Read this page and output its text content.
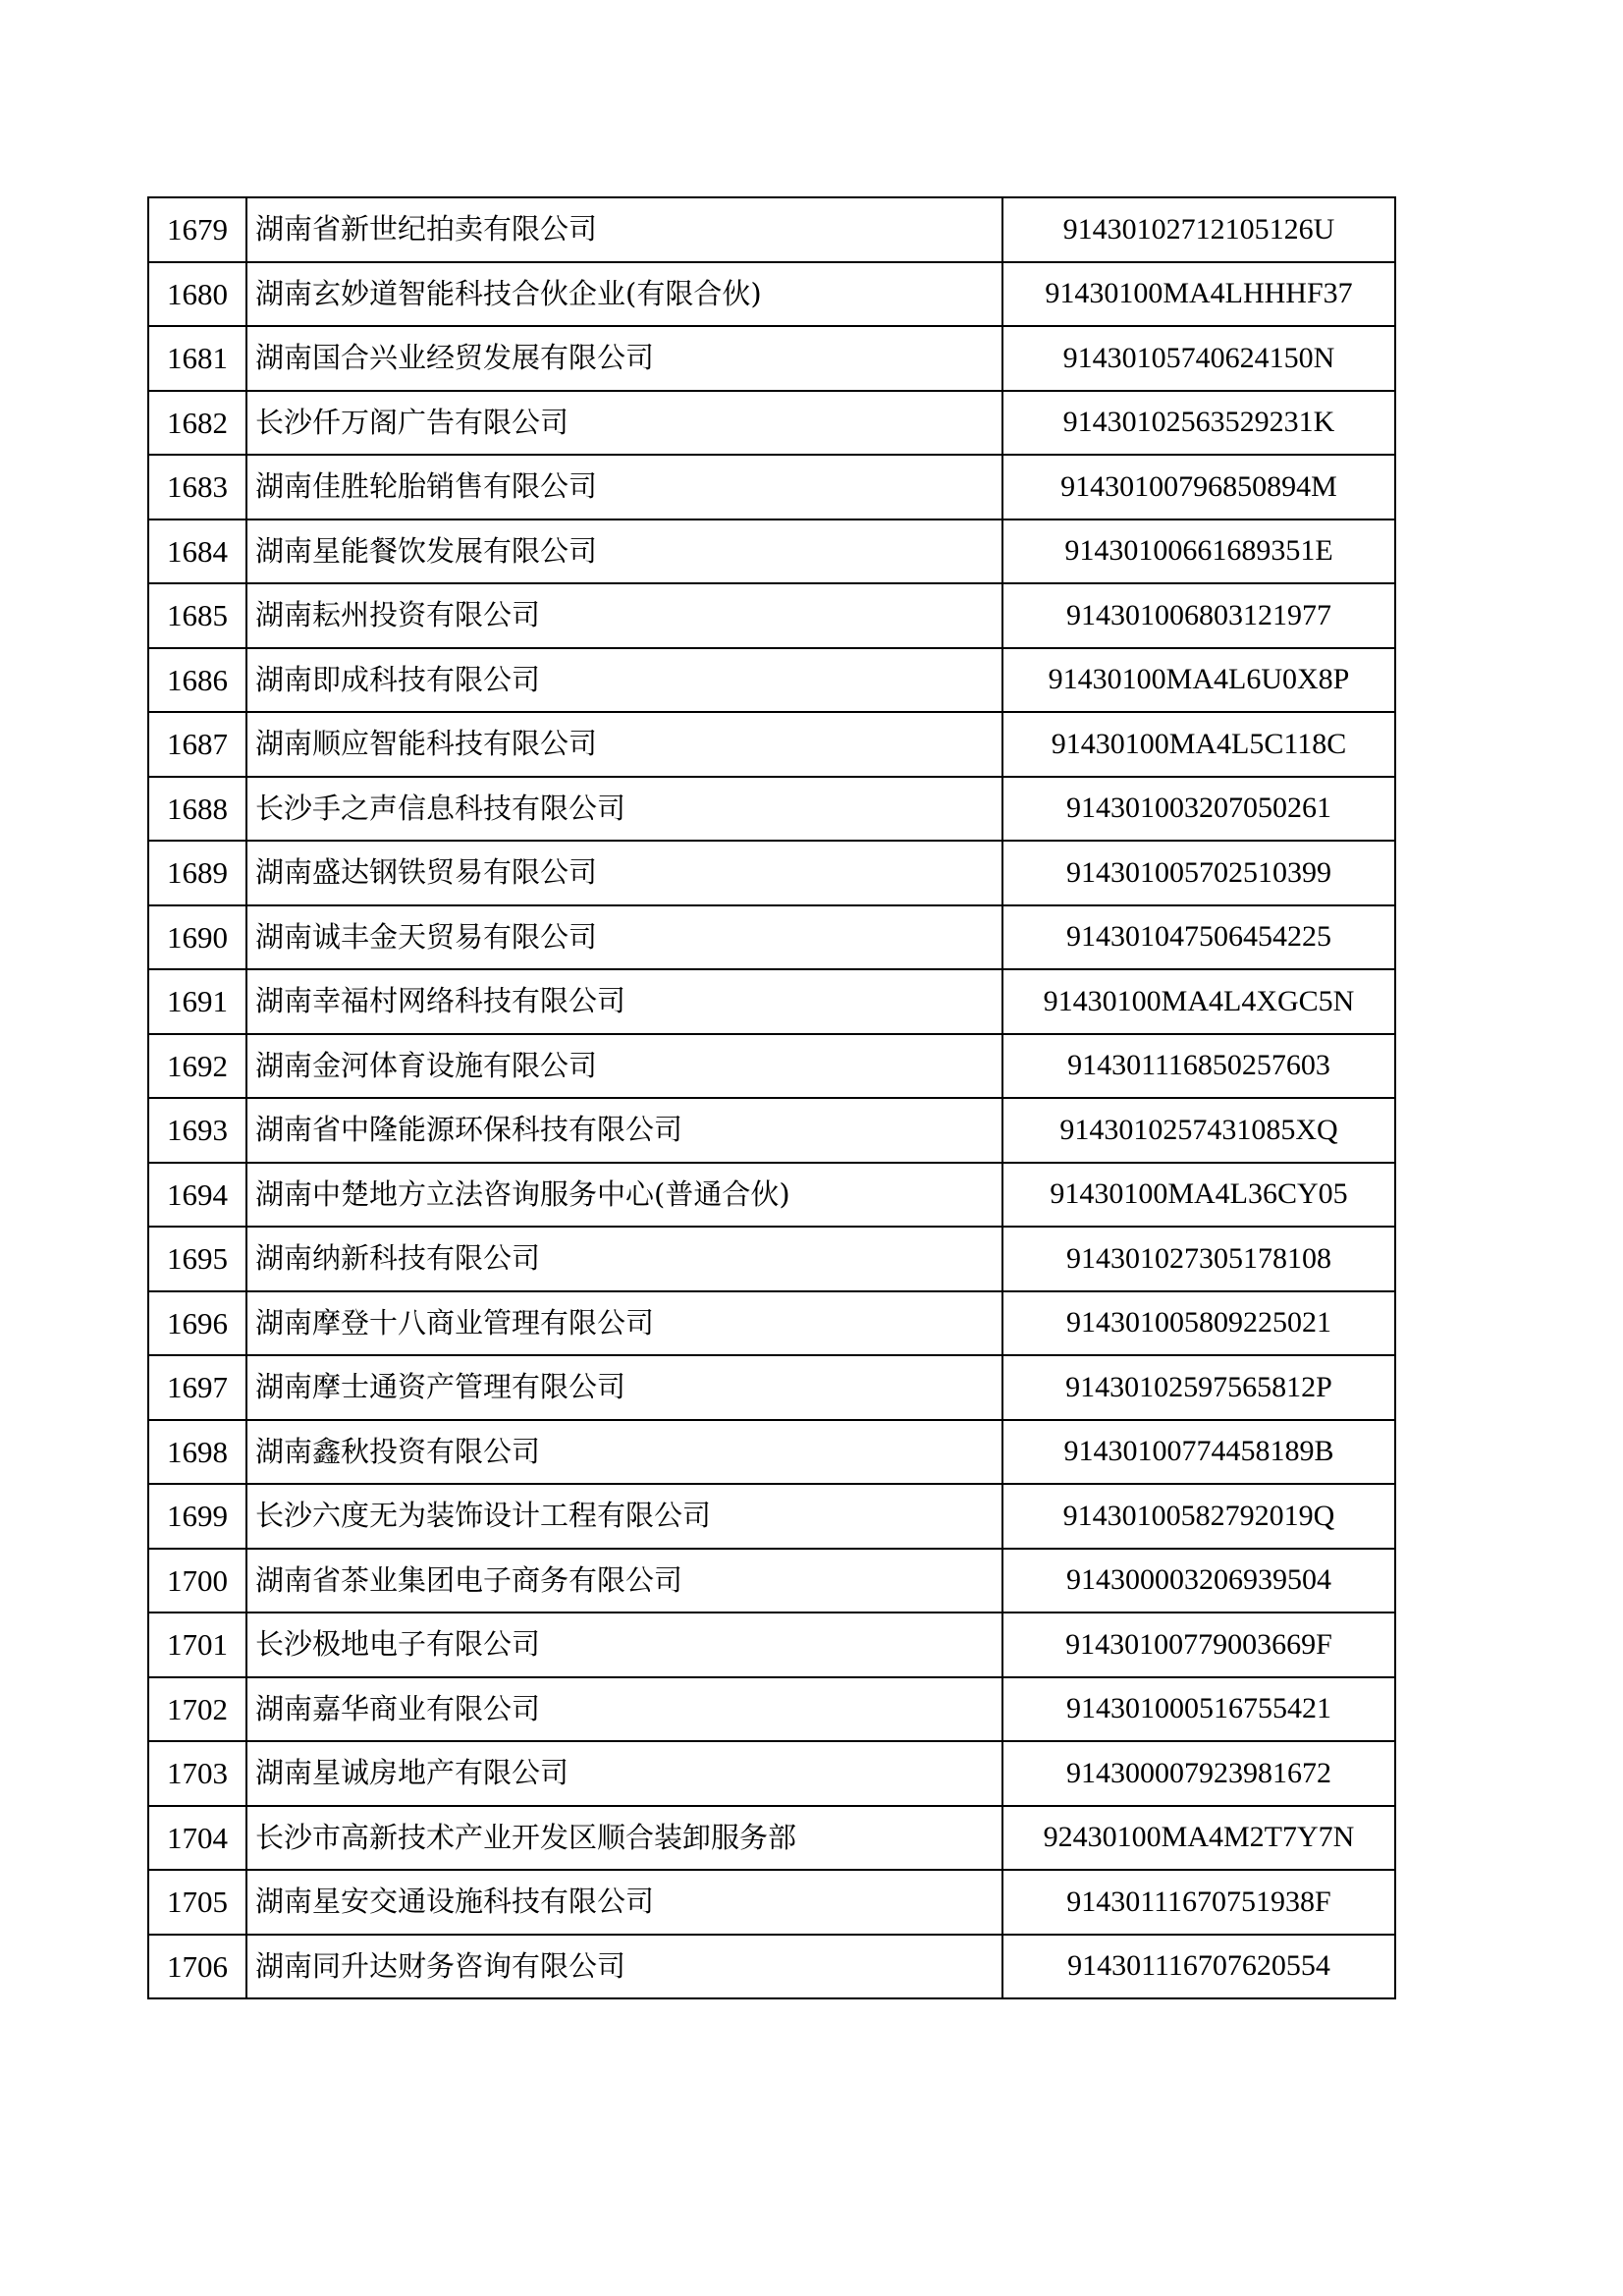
1679	湖南省新世纪拍卖有限公司	91430102712105126U
1680	湖南玄妙道智能科技合伙企业(有限合伙)	91430100MA4LHHHF37
1681	湖南国合兴业经贸发展有限公司	91430105740624150N
1682	长沙仟万阁广告有限公司	91430102563529231K
1683	湖南佳胜轮胎销售有限公司	91430100796850894M
1684	湖南星能餐饮发展有限公司	91430100661689351E
1685	湖南耘州投资有限公司	914301006803121977
1686	湖南即成科技有限公司	91430100MA4L6U0X8P
1687	湖南顺应智能科技有限公司	91430100MA4L5C118C
1688	长沙手之声信息科技有限公司	914301003207050261
1689	湖南盛达钢铁贸易有限公司	914301005702510399
1690	湖南诚丰金天贸易有限公司	914301047506454225
1691	湖南幸福村网络科技有限公司	91430100MA4L4XGC5N
1692	湖南金河体育设施有限公司	914301116850257603
1693	湖南省中隆能源环保科技有限公司	9143010257431085XQ
1694	湖南中楚地方立法咨询服务中心(普通合伙)	91430100MA4L36CY05
1695	湖南纳新科技有限公司	914301027305178108
1696	湖南摩登十八商业管理有限公司	914301005809225021
1697	湖南摩士通资产管理有限公司	91430102597565812P
1698	湖南鑫秋投资有限公司	91430100774458189B
1699	长沙六度无为装饰设计工程有限公司	91430100582792019Q
1700	湖南省茶业集团电子商务有限公司	914300003206939504
1701	长沙极地电子有限公司	91430100779003669F
1702	湖南嘉华商业有限公司	914301000516755421
1703	湖南星诚房地产有限公司	914300007923981672
1704	长沙市高新技术产业开发区顺合装卸服务部	92430100MA4M2T7Y7N
1705	湖南星安交通设施科技有限公司	91430111670751938F
1706	湖南同升达财务咨询有限公司	914301116707620554
